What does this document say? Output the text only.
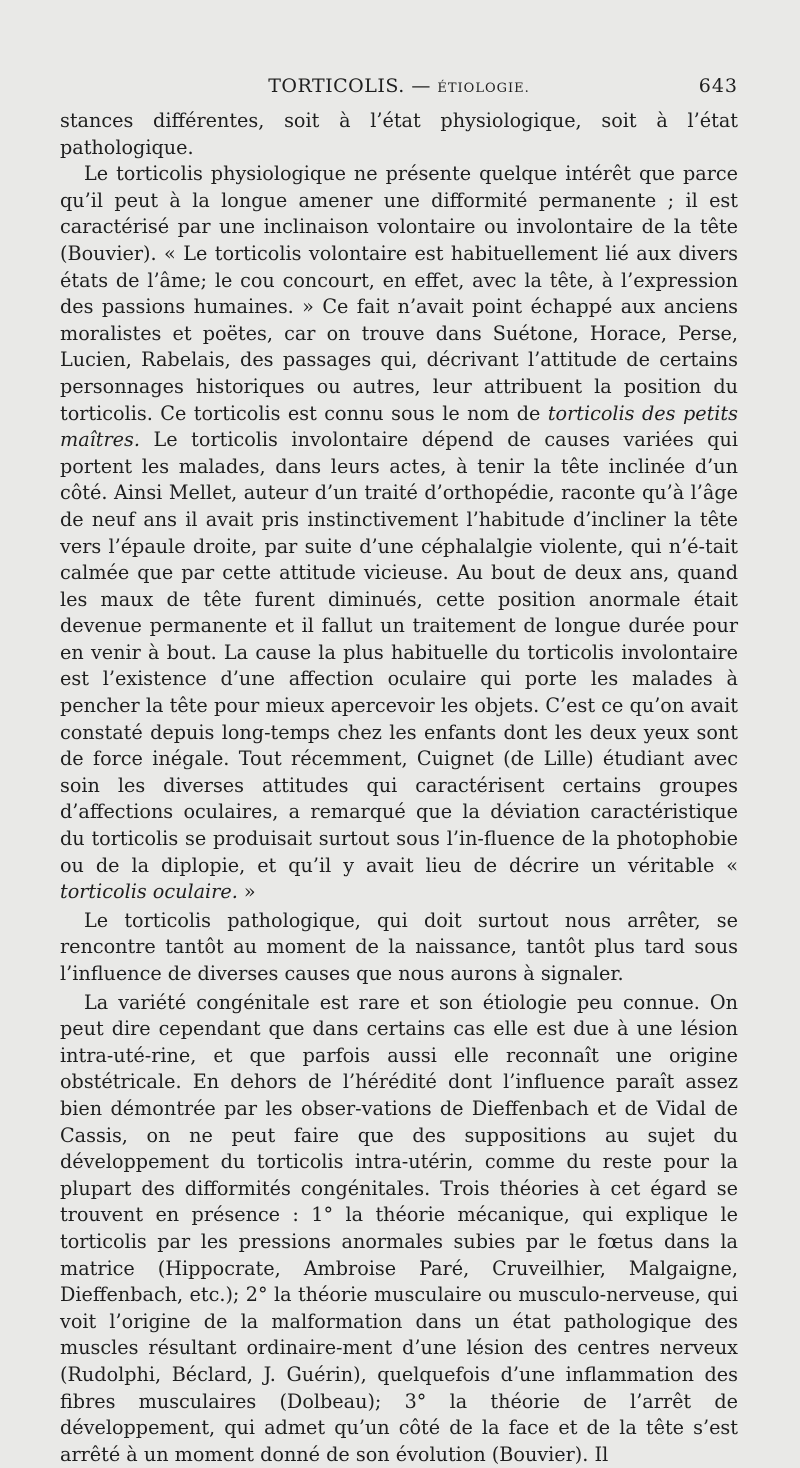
TORTICOLIS. — ÉTIOLOGIE.	643

stances différentes, soit à l’état physiologique, soit à l’état pathologique.

Le torticolis physiologique ne présente quelque intérêt que parce qu’il peut à la longue amener une difformité permanente ; il est caractérisé par une inclinaison volontaire ou involontaire de la tête (Bouvier). « Le torticolis volontaire est habituellement lié aux divers états de l’âme; le cou concourt, en effet, avec la tête, à l’expression des passions humaines. » Ce fait n’avait point échappé aux anciens moralistes et poëtes, car on trouve dans Suétone, Horace, Perse, Lucien, Rabelais, des passages qui, décrivant l’attitude de certains personnages historiques ou autres, leur attribuent la position du torticolis. Ce torticolis est connu sous le nom de torticolis des petits maîtres. Le torticolis involontaire dépend de causes variées qui portent les malades, dans leurs actes, à tenir la tête inclinée d’un côté. Ainsi Mellet, auteur d’un traité d’orthopédie, raconte qu’à l’âge de neuf ans il avait pris instinctivement l’habitude d’incliner la tête vers l’épaule droite, par suite d’une céphalalgie violente, qui n’é-tait calmée que par cette attitude vicieuse. Au bout de deux ans, quand les maux de tête furent diminués, cette position anormale était devenue permanente et il fallut un traitement de longue durée pour en venir à bout. La cause la plus habituelle du torticolis involontaire est l’existence d’une affection oculaire qui porte les malades à pencher la tête pour mieux apercevoir les objets. C’est ce qu’on avait constaté depuis long-temps chez les enfants dont les deux yeux sont de force inégale. Tout récemment, Cuignet (de Lille) étudiant avec soin les diverses attitudes qui caractérisent certains groupes d’affections oculaires, a remarqué que la déviation caractéristique du torticolis se produisait surtout sous l’in-fluence de la photophobie ou de la diplopie, et qu’il y avait lieu de décrire un véritable « torticolis oculaire. »

Le torticolis pathologique, qui doit surtout nous arrêter, se rencontre tantôt au moment de la naissance, tantôt plus tard sous l’influence de diverses causes que nous aurons à signaler.

La variété congénitale est rare et son étiologie peu connue. On peut dire cependant que dans certains cas elle est due à une lésion intra-uté-rine, et que parfois aussi elle reconnaît une origine obstétricale. En dehors de l’hérédité dont l’influence paraît assez bien démontrée par les obser-vations de Dieffenbach et de Vidal de Cassis, on ne peut faire que des suppositions au sujet du développement du torticolis intra-utérin, comme du reste pour la plupart des difformités congénitales. Trois théories à cet égard se trouvent en présence : 1° la théorie mécanique, qui explique le torticolis par les pressions anormales subies par le fœtus dans la matrice (Hippocrate, Ambroise Paré, Cruveilhier, Malgaigne, Dieffenbach, etc.); 2° la théorie musculaire ou musculo-nerveuse, qui voit l’origine de la malformation dans un état pathologique des muscles résultant ordinaire-ment d’une lésion des centres nerveux (Rudolphi, Béclard, J. Guérin), quelquefois d’une inflammation des fibres musculaires (Dolbeau); 3° la théorie de l’arrêt de développement, qui admet qu’un côté de la face et de la tête s’est arrêté à un moment donné de son évolution (Bouvier). Il
